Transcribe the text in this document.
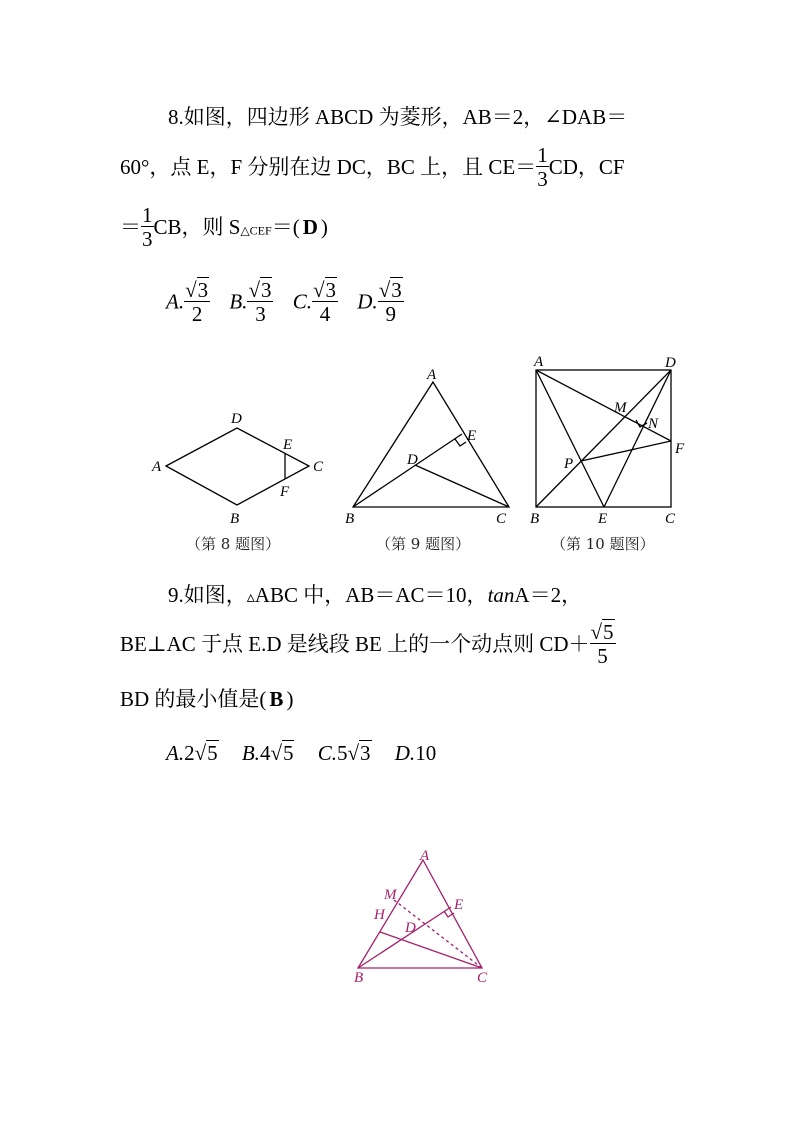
8.如图，四边形 ABCD 为菱形，AB＝2，∠DAB＝
60°，点 E，F 分别在边 DC，BC 上，且 $CE= \frac{1}{3}$ CD，CF
＝ $\frac{1}{3}$ CB，则 $S_{\triangle CEF}=$( D )
A. $\frac{√3}{2} B$. $\frac{√3}{3} C$. $\frac{√3}{4} D$. $\frac{√3}{9}$
A
B
C
D
E
F
A
B	C
D
E
A
B	C
D
E
F
M
N
P
（第 8 题图）	（第 9 题图）	（第 10 题图）
9.如图，▵ABC 中，AB＝AC＝10，tanA＝2，
BE⊥AC 于点 E.D 是线段 BE 上的一个动点则 $CD+ \frac{√5}{5}$
BD 的最小值是( B )
A.2√5 B.4√5 C.5√3 D.10
A
B	C
D
E
H
M
